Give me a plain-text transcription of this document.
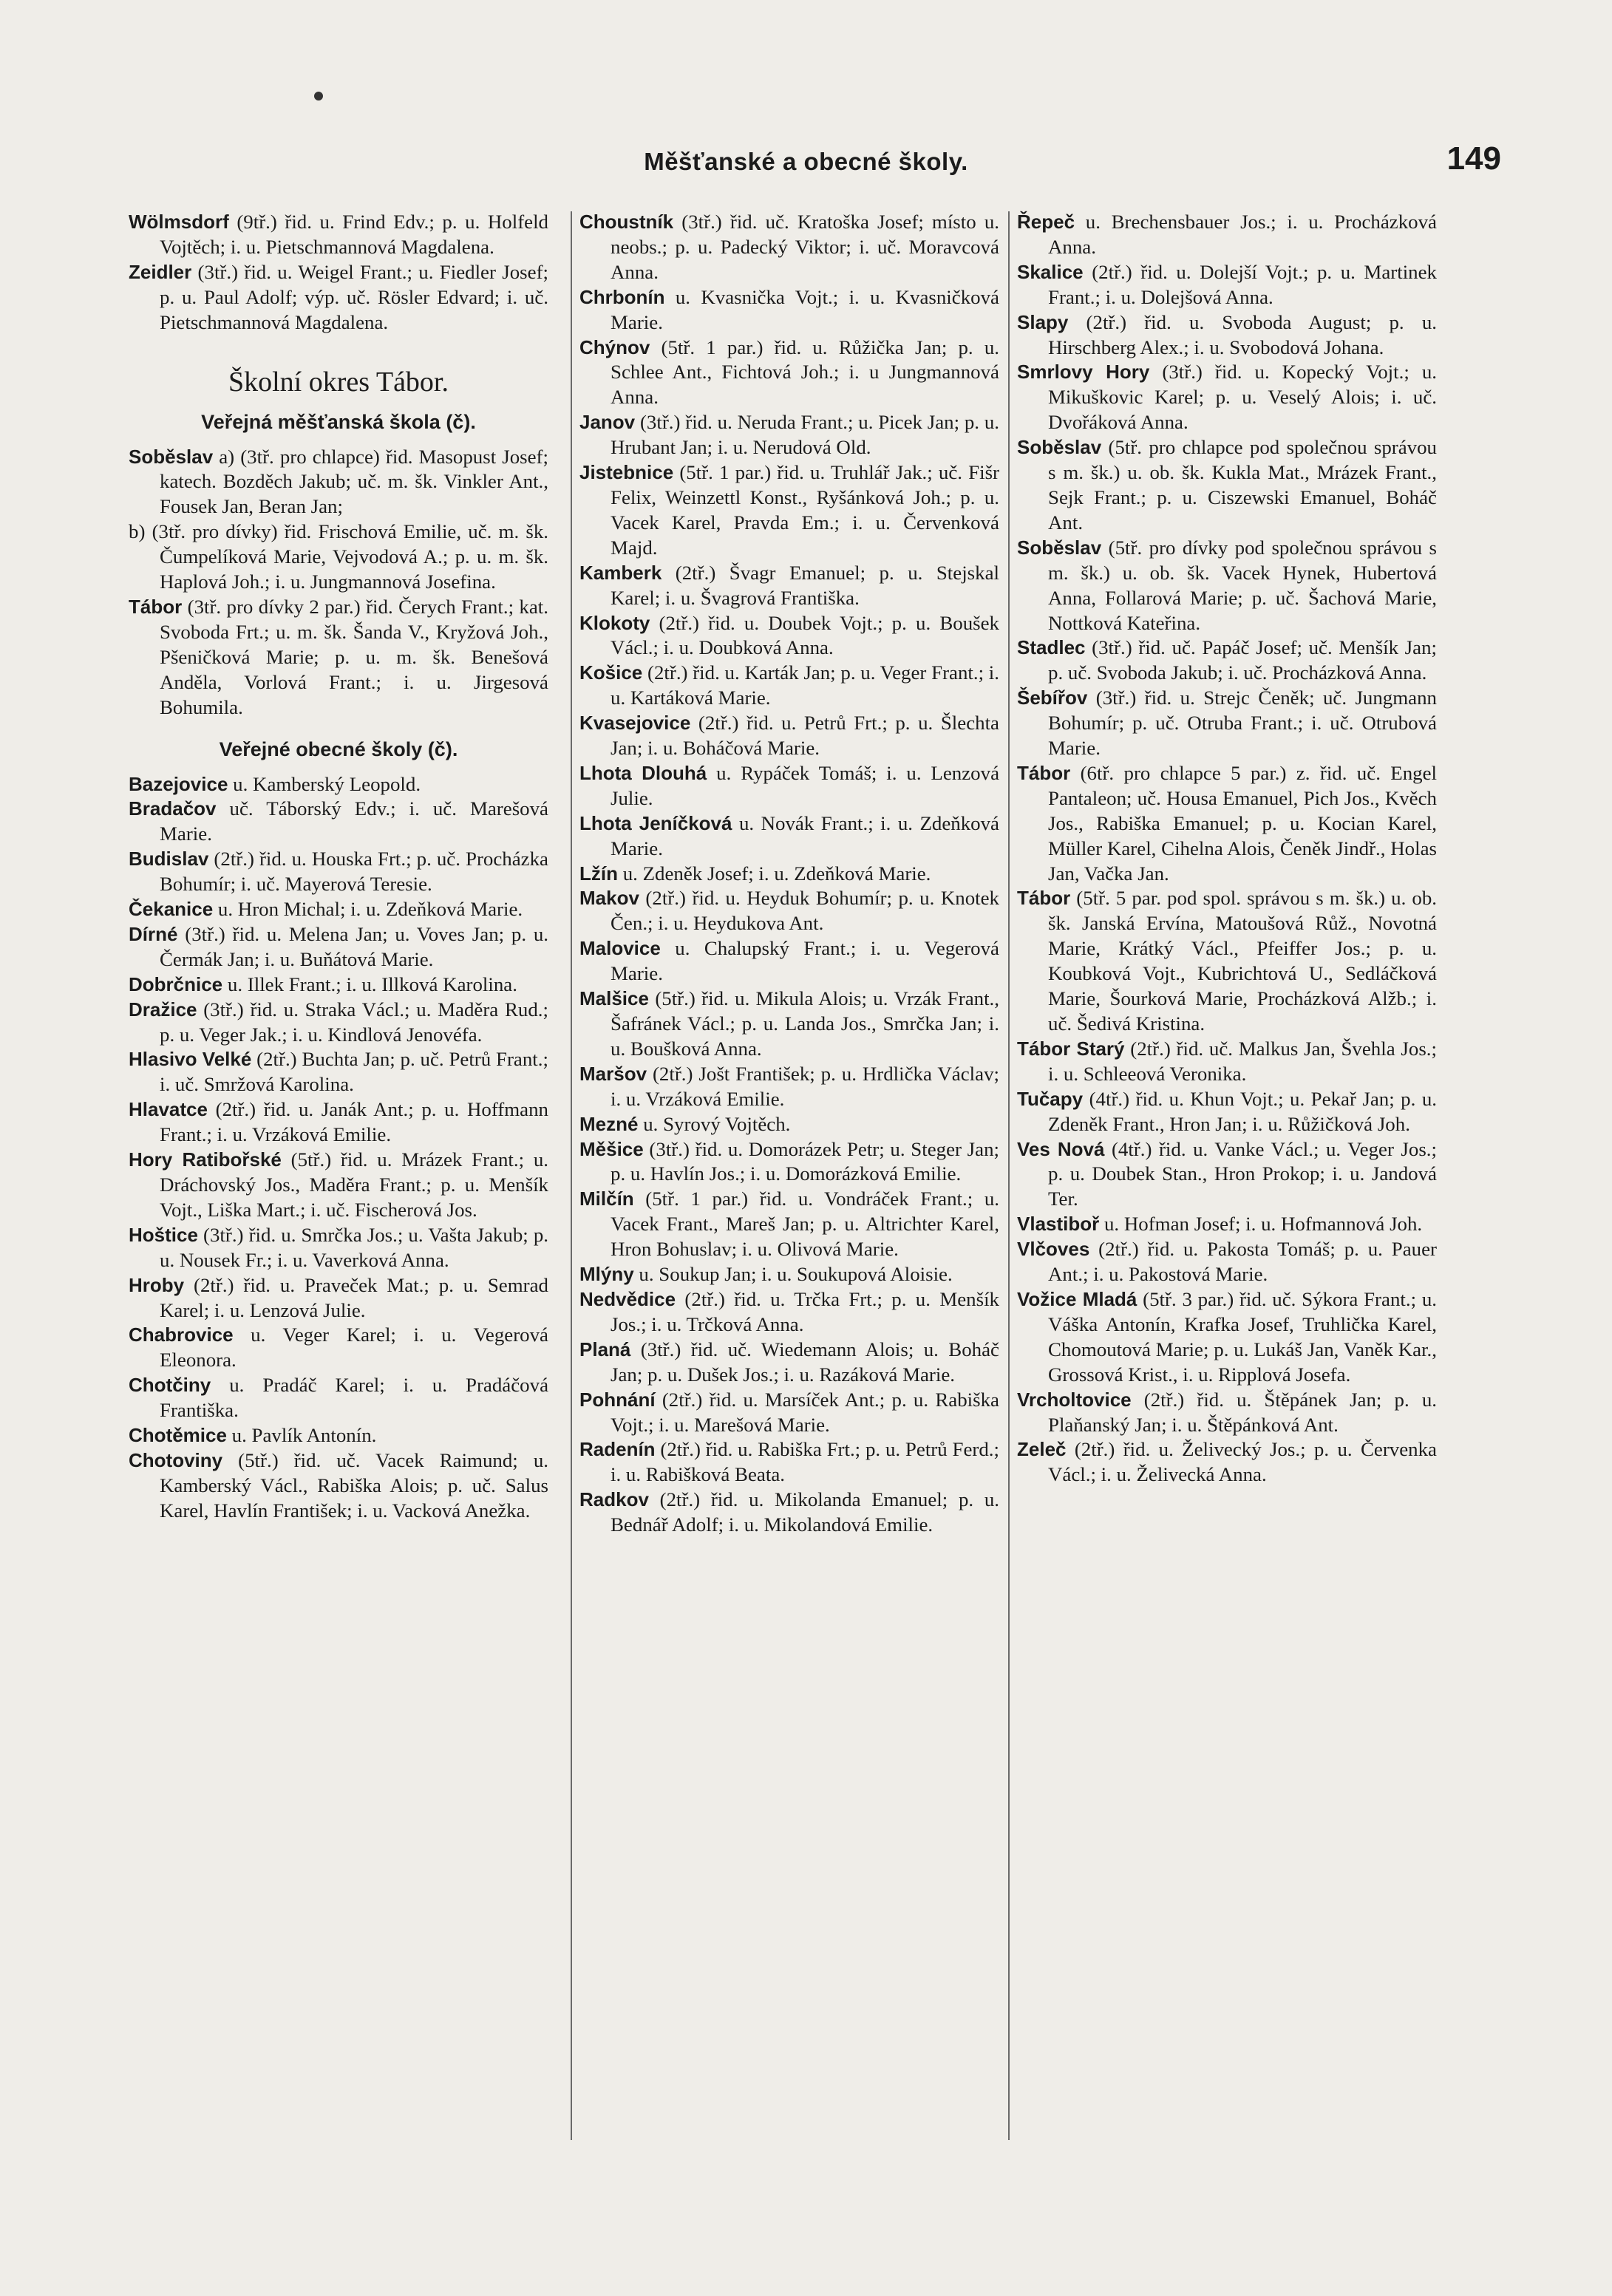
Měšťanské a obecné školy.	149

Wölmsdorf (9tř.) řid. u. Frind Edv.; p. u. Holfeld Vojtěch; i. u. Pietschmannová Magdalena.

Zeidler (3tř.) řid. u. Weigel Frant.; u. Fiedler Josef; p. u. Paul Adolf; výp. uč. Rösler Edvard; i. uč. Pietschmannová Magdalena.

Školní okres Tábor.
Veřejná měšťanská škola (č).

Soběslav a) (3tř. pro chlapce) řid. Masopust Josef; katech. Bozděch Jakub; uč. m. šk. Vinkler Ant., Fousek Jan, Beran Jan;

b) (3tř. pro dívky) řid. Frischová Emilie, uč. m. šk. Čumpelíková Marie, Vejvodová A.; p. u. m. šk. Haplová Joh.; i. u. Jungmannová Josefina.

Tábor (3tř. pro dívky 2 par.) řid. Čerych Frant.; kat. Svoboda Frt.; u. m. šk. Šanda V., Kryžová Joh., Pšeničková Marie; p. u. m. šk. Benešová Anděla, Vorlová Frant.; i. u. Jirgesová Bohumila.

Veřejné obecné školy (č).

Bazejovice u. Kamberský Leopold.

Bradačov uč. Táborský Edv.; i. uč. Marešová Marie.

Budislav (2tř.) řid. u. Houska Frt.; p. uč. Procházka Bohumír; i. uč. Mayerová Teresie.

Čekanice u. Hron Michal; i. u. Zdeňková Marie.

Dírné (3tř.) řid. u. Melena Jan; u. Voves Jan; p. u. Čermák Jan; i. u. Buňátová Marie.

Dobrčnice u. Illek Frant.; i. u. Illková Karolina.

Dražice (3tř.) řid. u. Straka Václ.; u. Maděra Rud.; p. u. Veger Jak.; i. u. Kindlová Jenovéfa.

Hlasivo Velké (2tř.) Buchta Jan; p. uč. Petrů Frant.; i. uč. Smržová Karolina.

Hlavatce (2tř.) řid. u. Janák Ant.; p. u. Hoffmann Frant.; i. u. Vrzáková Emilie.

Hory Ratibořské (5tř.) řid. u. Mrázek Frant.; u. Dráchovský Jos., Maděra Frant.; p. u. Menšík Vojt., Liška Mart.; i. uč. Fischerová Jos.

Hoštice (3tř.) řid. u. Smrčka Jos.; u. Vašta Jakub; p. u. Nousek Fr.; i. u. Vaverková Anna.

Hroby (2tř.) řid. u. Praveček Mat.; p. u. Semrad Karel; i. u. Lenzová Julie.

Chabrovice u. Veger Karel; i. u. Vegerová Eleonora.

Chotčiny u. Pradáč Karel; i. u. Pradáčová Františka.

Chotěmice u. Pavlík Antonín.

Chotoviny (5tř.) řid. uč. Vacek Raimund; u. Kamberský Václ., Rabiška Alois; p. uč. Salus Karel, Havlín František; i. u. Vacková Anežka.

Choustník (3tř.) řid. uč. Kratoška Josef; místo u. neobs.; p. u. Padecký Viktor; i. uč. Moravcová Anna.

Chrbonín u. Kvasnička Vojt.; i. u. Kvasničková Marie.

Chýnov (5tř. 1 par.) řid. u. Růžička Jan; p. u. Schlee Ant., Fichtová Joh.; i. u Jungmannová Anna.

Janov (3tř.) řid. u. Neruda Frant.; u. Picek Jan; p. u. Hrubant Jan; i. u. Nerudová Old.

Jistebnice (5tř. 1 par.) řid. u. Truhlář Jak.; uč. Fišr Felix, Weinzettl Konst., Ryšánková Joh.; p. u. Vacek Karel, Pravda Em.; i. u. Červenková Majd.

Kamberk (2tř.) Švagr Emanuel; p. u. Stejskal Karel; i. u. Švagrová Františka.

Klokoty (2tř.) řid. u. Doubek Vojt.; p. u. Boušek Václ.; i. u. Doubková Anna.

Košice (2tř.) řid. u. Karták Jan; p. u. Veger Frant.; i. u. Kartáková Marie.

Kvasejovice (2tř.) řid. u. Petrů Frt.; p. u. Šlechta Jan; i. u. Boháčová Marie.

Lhota Dlouhá u. Rypáček Tomáš; i. u. Lenzová Julie.

Lhota Jeníčková u. Novák Frant.; i. u. Zdeňková Marie.

Lžín u. Zdeněk Josef; i. u. Zdeňková Marie.

Makov (2tř.) řid. u. Heyduk Bohumír; p. u. Knotek Čen.; i. u. Heydukova Ant.

Malovice u. Chalupský Frant.; i. u. Vegerová Marie.

Malšice (5tř.) řid. u. Mikula Alois; u. Vrzák Frant., Šafránek Václ.; p. u. Landa Jos., Smrčka Jan; i. u. Boušková Anna.

Maršov (2tř.) Jošt František; p. u. Hrdlička Václav; i. u. Vrzáková Emilie.

Mezné u. Syrový Vojtěch.

Měšice (3tř.) řid. u. Domorázek Petr; u. Steger Jan; p. u. Havlín Jos.; i. u. Domorázková Emilie.

Milčín (5tř. 1 par.) řid. u. Vondráček Frant.; u. Vacek Frant., Mareš Jan; p. u. Altrichter Karel, Hron Bohuslav; i. u. Olivová Marie.

Mlýny u. Soukup Jan; i. u. Soukupová Aloisie.

Nedvědice (2tř.) řid. u. Trčka Frt.; p. u. Menšík Jos.; i. u. Trčková Anna.

Planá (3tř.) řid. uč. Wiedemann Alois; u. Boháč Jan; p. u. Dušek Jos.; i. u. Razáková Marie.

Pohnání (2tř.) řid. u. Marsíček Ant.; p. u. Rabiška Vojt.; i. u. Marešová Marie.

Radenín (2tř.) řid. u. Rabiška Frt.; p. u. Petrů Ferd.; i. u. Rabišková Beata.

Radkov (2tř.) řid. u. Mikolanda Emanuel; p. u. Bednář Adolf; i. u. Mikolandová Emilie.

Řepeč u. Brechensbauer Jos.; i. u. Procházková Anna.

Skalice (2tř.) řid. u. Dolejší Vojt.; p. u. Martinek Frant.; i. u. Dolejšová Anna.

Slapy (2tř.) řid. u. Svoboda August; p. u. Hirschberg Alex.; i. u. Svobodová Johana.

Smrlovy Hory (3tř.) řid. u. Kopecký Vojt.; u. Mikuškovic Karel; p. u. Veselý Alois; i. uč. Dvořáková Anna.

Soběslav (5tř. pro chlapce pod společnou správou s m. šk.) u. ob. šk. Kukla Mat., Mrázek Frant., Sejk Frant.; p. u. Ciszewski Emanuel, Boháč Ant.

Soběslav (5tř. pro dívky pod společnou správou s m. šk.) u. ob. šk. Vacek Hynek, Hubertová Anna, Follarová Marie; p. uč. Šachová Marie, Nottková Kateřina.

Stadlec (3tř.) řid. uč. Papáč Josef; uč. Menšík Jan; p. uč. Svoboda Jakub; i. uč. Procházková Anna.

Šebířov (3tř.) řid. u. Strejc Čeněk; uč. Jungmann Bohumír; p. uč. Otruba Frant.; i. uč. Otrubová Marie.

Tábor (6tř. pro chlapce 5 par.) z. řid. uč. Engel Pantaleon; uč. Housa Emanuel, Pich Jos., Kvěch Jos., Rabiška Emanuel; p. u. Kocian Karel, Müller Karel, Cihelna Alois, Čeněk Jindř., Holas Jan, Vačka Jan.

Tábor (5tř. 5 par. pod spol. správou s m. šk.) u. ob. šk. Janská Ervína, Matoušová Růž., Novotná Marie, Krátký Václ., Pfeiffer Jos.; p. u. Koubková Vojt., Kubrichtová U., Sedláčková Marie, Šourková Marie, Procházková Alžb.; i. uč. Šedivá Kristina.

Tábor Starý (2tř.) řid. uč. Malkus Jan, Švehla Jos.; i. u. Schleeová Veronika.

Tučapy (4tř.) řid. u. Khun Vojt.; u. Pekař Jan; p. u. Zdeněk Frant., Hron Jan; i. u. Růžičková Joh.

Ves Nová (4tř.) řid. u. Vanke Václ.; u. Veger Jos.; p. u. Doubek Stan., Hron Prokop; i. u. Jandová Ter.

Vlastiboř u. Hofman Josef; i. u. Hofmannová Joh.

Vlčoves (2tř.) řid. u. Pakosta Tomáš; p. u. Pauer Ant.; i. u. Pakostová Marie.

Vožice Mladá (5tř. 3 par.) řid. uč. Sýkora Frant.; u. Váška Antonín, Krafka Josef, Truhlička Karel, Chomoutová Marie; p. u. Lukáš Jan, Vaněk Kar., Grossová Krist., i. u. Ripplová Josefa.

Vrcholtovice (2tř.) řid. u. Štěpánek Jan; p. u. Plaňanský Jan; i. u. Štěpánková Ant.

Zeleč (2tř.) řid. u. Želivecký Jos.; p. u. Červenka Václ.; i. u. Želivecká Anna.
